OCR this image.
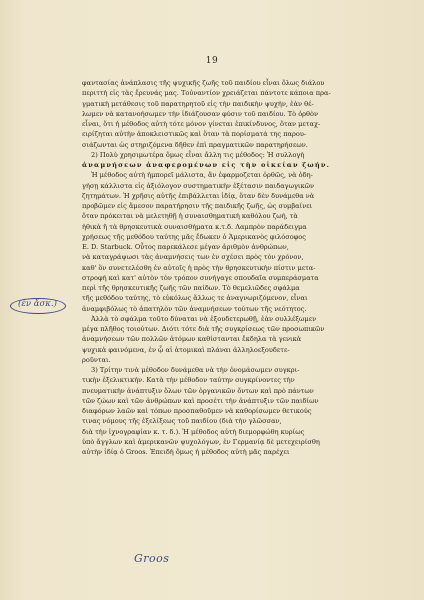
19
φαντασίας ἀνάπλασις τῆς ψυχικῆς ζωῆς τοῦ παιδίου εἶναι ὅλως διάλου
περιττὴ εἰς τὰς ἔρευνάς μας. Τοὐναντίον χρειάζεται πάντοτε κάποια πρα-
γματικὴ μετάθεσις τοῦ παρατηρητοῦ εἰς τὴν παιδικὴν ψυχήν, ἐὰν θέ-
λωμεν νὰ κατανοήσωμεν τὴν ἰδιάζουσαν φύσιν τοῦ παιδίου. Τὸ ὀρθὸν
εἶναι, ὅτι ἡ μέθοδος αὐτὴ τότε μόνον γίνεται ἐπικίνδυνος, ὅταν μεταχ-
ειρίζηται αὐτὴν ἀποκλειστικῶς καὶ ὅταν τὰ πορίσματά της παρου-
σιάζωνται ὡς στηριζόμενα δῆθεν ἐπὶ πραγματικῶν παρατηρήσεων.
2) Πολὺ χρησιμωτέρα ὅμως εἶναι ἄλλη τις μέθοδος: Ἡ συλλογὴ
ἀναμνήσεων ἀναφερομένων εἰς τὴν οἰκείαν ζωήν.
Ἡ μέθοδος αὐτὴ ἠμπορεῖ μάλιστα, ἂν ἐφαρμοζεται ὀρθῶς, νὰ ὁδη-
γήσῃ κάλλιστα εἰς ἀξιόλογον συστηματικὴν ἐξέτασιν παιδαγωγικῶν
ζητημάτων. Ἡ χρῆσις αὐτῆς ἐπιβάλλεται ἰδίᾳ, ὅταν δὲν δυνάμεθα νὰ
προβῶμεν εἰς ἄμεσον παρατήρησιν τῆς παιδικῆς ζωῆς, ὡς συμβαίνει
ὅταν πρόκειται νὰ μελετηθῇ ἡ συναισθηματικὴ καθόλου ζωή, τὰ
ἠθικὰ ἢ τὰ θρησκευτικὰ συναισθήματα κ.τ.δ. Λαμπρὸν παράδειγμα
χρήσεως τῆς μεθόδου ταύτης μᾶς ἔδωκεν ὁ Ἀμερικανὸς φιλόσοφος
E. D. Starbuck. Οὗτος παρεκάλεσε μέγαν ἀριθμὸν ἀνθρώπων,
νὰ καταγράψωσι τὰς ἀναμνήσεις των ἐν σχέσει πρὸς τὸν χρόνον,
καθ' ὃν συνετελέσθη ἐν αὐτοῖς ἡ πρὸς τὴν θρησκευτικὴν πίστιν μετα-
στροφή καὶ κατ' αὐτὸν τὸν τρόπον συνήγαγε σπουδαῖα συμπεράσματα
περὶ τῆς θρησκευτικῆς ζωῆς τῶν παίδων. Τὸ θεμελιῶδες σφάλμα
τῆς μεθόδου ταύτης, τὸ εὐκόλως ἄλλως τε ἀναγνωριζόμενον, εἶναι
ἀναμφιβόλως τὸ ἀπατηλὸν τῶν ἀναμνήσεων τούτων τῆς νεότητος.
Ἀλλὰ τὸ σφάλμα τοῦτο δύναται νὰ ἐξουδετερωθῇ, ἐὰν συλλέξωμεν
μέγα πλῆθος τοιούτων. Διότι τότε διὰ τῆς συγκρίσεως τῶν προσωπικῶν
ἀναμνήσεων τῶν πολλῶν ἀτόμων καθίστανται ἔκδηλα τὰ γενικὰ
ψυχικὰ φαινόμενα, ἐν ᾧ αἱ ἀτομικαὶ πλάναι ἀλληλοεξουδετε-
ροῦνται.
3) Τρίτην τινὰ μέθοδον δυνάμεθα νὰ τὴν ὀνομάσωμεν συγκρι-
τικὴν ἐξελικτικήν. Κατὰ τὴν μέθοδον ταύτην συγκρίνοντες τὴν
πνευματικὴν ἀνάπτυξιν ὅλων τῶν ὀργανικῶν ὄντων καὶ πρὸ πάντων
τῶν ζώων καὶ τῶν ἀνθρώπων καὶ προσέτι τὴν ἀνάπτυξιν τῶν παιδίων
διαφόρων λαῶν καὶ τόπων προσπαθοῦμεν νὰ καθορίσωμεν θετικούς
τινας νόμους τῆς ἐξελίξεως τοῦ παιδίου (διὰ τὴν γλῶσσαν,
διὰ τὴν ἰχνογραφίαν κ. τ. δ.). Ἡ μέθοδος αὐτὴ διεμορφώθη κυρίως
ὑπὸ ἄγγλων καὶ ἀμερικανῶν ψυχολόγων, ἐν Γερμανίᾳ δὲ μετεχειρίσθη
αὐτὴν ἰδίᾳ ὁ Groos. Ἐπειδὴ ὅμως ἡ μέθοδος αὐτὴ μᾶς παρέχει
(ἐν ἄσκ.)
Groos
